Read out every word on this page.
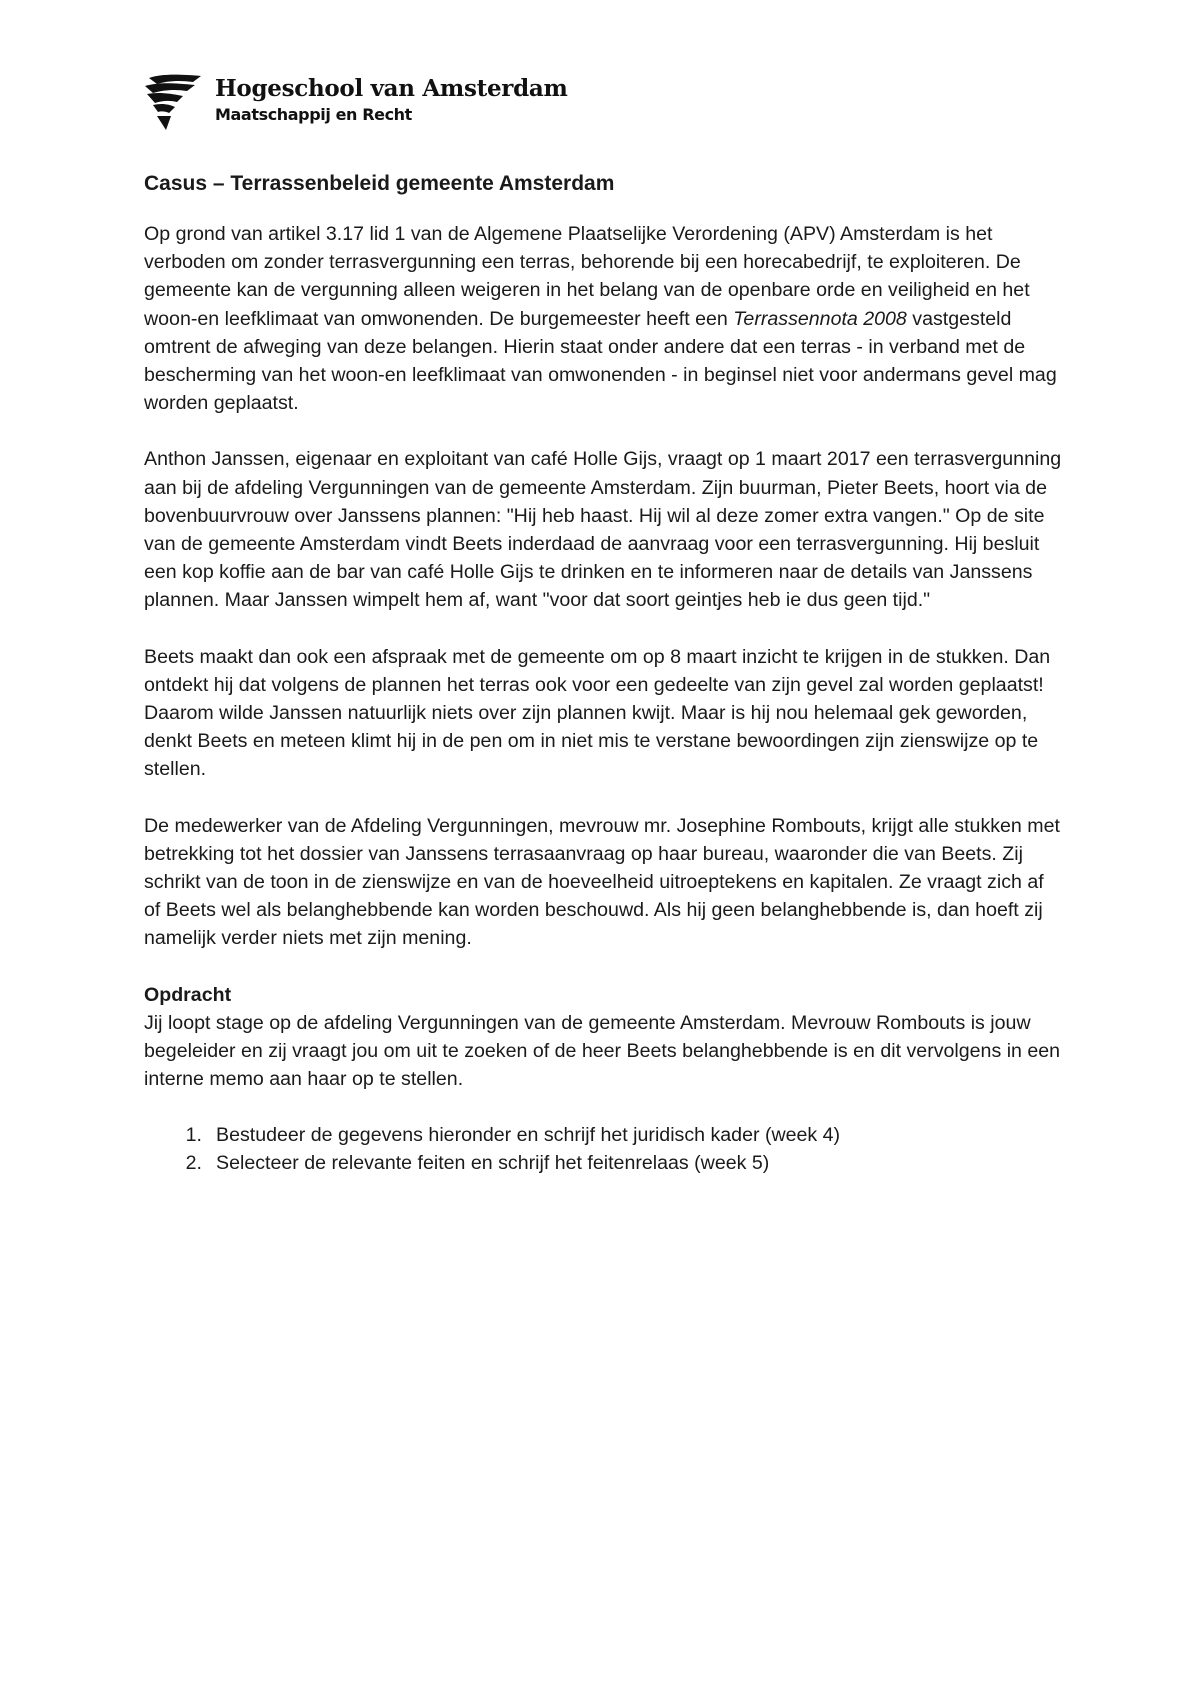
Hogeschool van Amsterdam
Maatschappij en Recht
Casus – Terrassenbeleid gemeente Amsterdam

Op grond van artikel 3.17 lid 1 van de Algemene Plaatselijke Verordening (APV) Amsterdam is het verboden om zonder terrasvergunning een terras, behorende bij een horecabedrijf, te exploiteren. De gemeente kan de vergunning alleen weigeren in het belang van de openbare orde en veiligheid en het woon-en leefklimaat van omwonenden. De burgemeester heeft een Terrassennota 2008 vastgesteld omtrent de afweging van deze belangen. Hierin staat onder andere dat een terras - in verband met de bescherming van het woon-en leefklimaat van omwonenden - in beginsel niet voor andermans gevel mag worden geplaatst.

Anthon Janssen, eigenaar en exploitant van café Holle Gijs, vraagt op 1 maart 2017 een terrasvergunning aan bij de afdeling Vergunningen van de gemeente Amsterdam. Zijn buurman, Pieter Beets, hoort via de bovenbuurvrouw over Janssens plannen: "Hij heb haast. Hij wil al deze zomer extra vangen." Op de site van de gemeente Amsterdam vindt Beets inderdaad de aanvraag voor een terrasvergunning. Hij besluit een kop koffie aan de bar van café Holle Gijs te drinken en te informeren naar de details van Janssens plannen. Maar Janssen wimpelt hem af, want "voor dat soort geintjes heb ie dus geen tijd."

Beets maakt dan ook een afspraak met de gemeente om op 8 maart inzicht te krijgen in de stukken. Dan ontdekt hij dat volgens de plannen het terras ook voor een gedeelte van zijn gevel zal worden geplaatst! Daarom wilde Janssen natuurlijk niets over zijn plannen kwijt. Maar is hij nou helemaal gek geworden, denkt Beets en meteen klimt hij in de pen om in niet mis te verstane bewoordingen zijn zienswijze op te stellen.

De medewerker van de Afdeling Vergunningen, mevrouw mr. Josephine Rombouts, krijgt alle stukken met betrekking tot het dossier van Janssens terrasaanvraag op haar bureau, waaronder die van Beets. Zij schrikt van de toon in de zienswijze en van de hoeveelheid uitroeptekens en kapitalen. Ze vraagt zich af of Beets wel als belanghebbende kan worden beschouwd. Als hij geen belanghebbende is, dan hoeft zij namelijk verder niets met zijn mening.

Opdracht

Jij loopt stage op de afdeling Vergunningen van de gemeente Amsterdam. Mevrouw Rombouts is jouw begeleider en zij vraagt jou om uit te zoeken of de heer Beets belanghebbende is en dit vervolgens in een interne memo aan haar op te stellen.

1. Bestudeer de gegevens hieronder en schrijf het juridisch kader (week 4)
2. Selecteer de relevante feiten en schrijf het feitenrelaas (week 5)
